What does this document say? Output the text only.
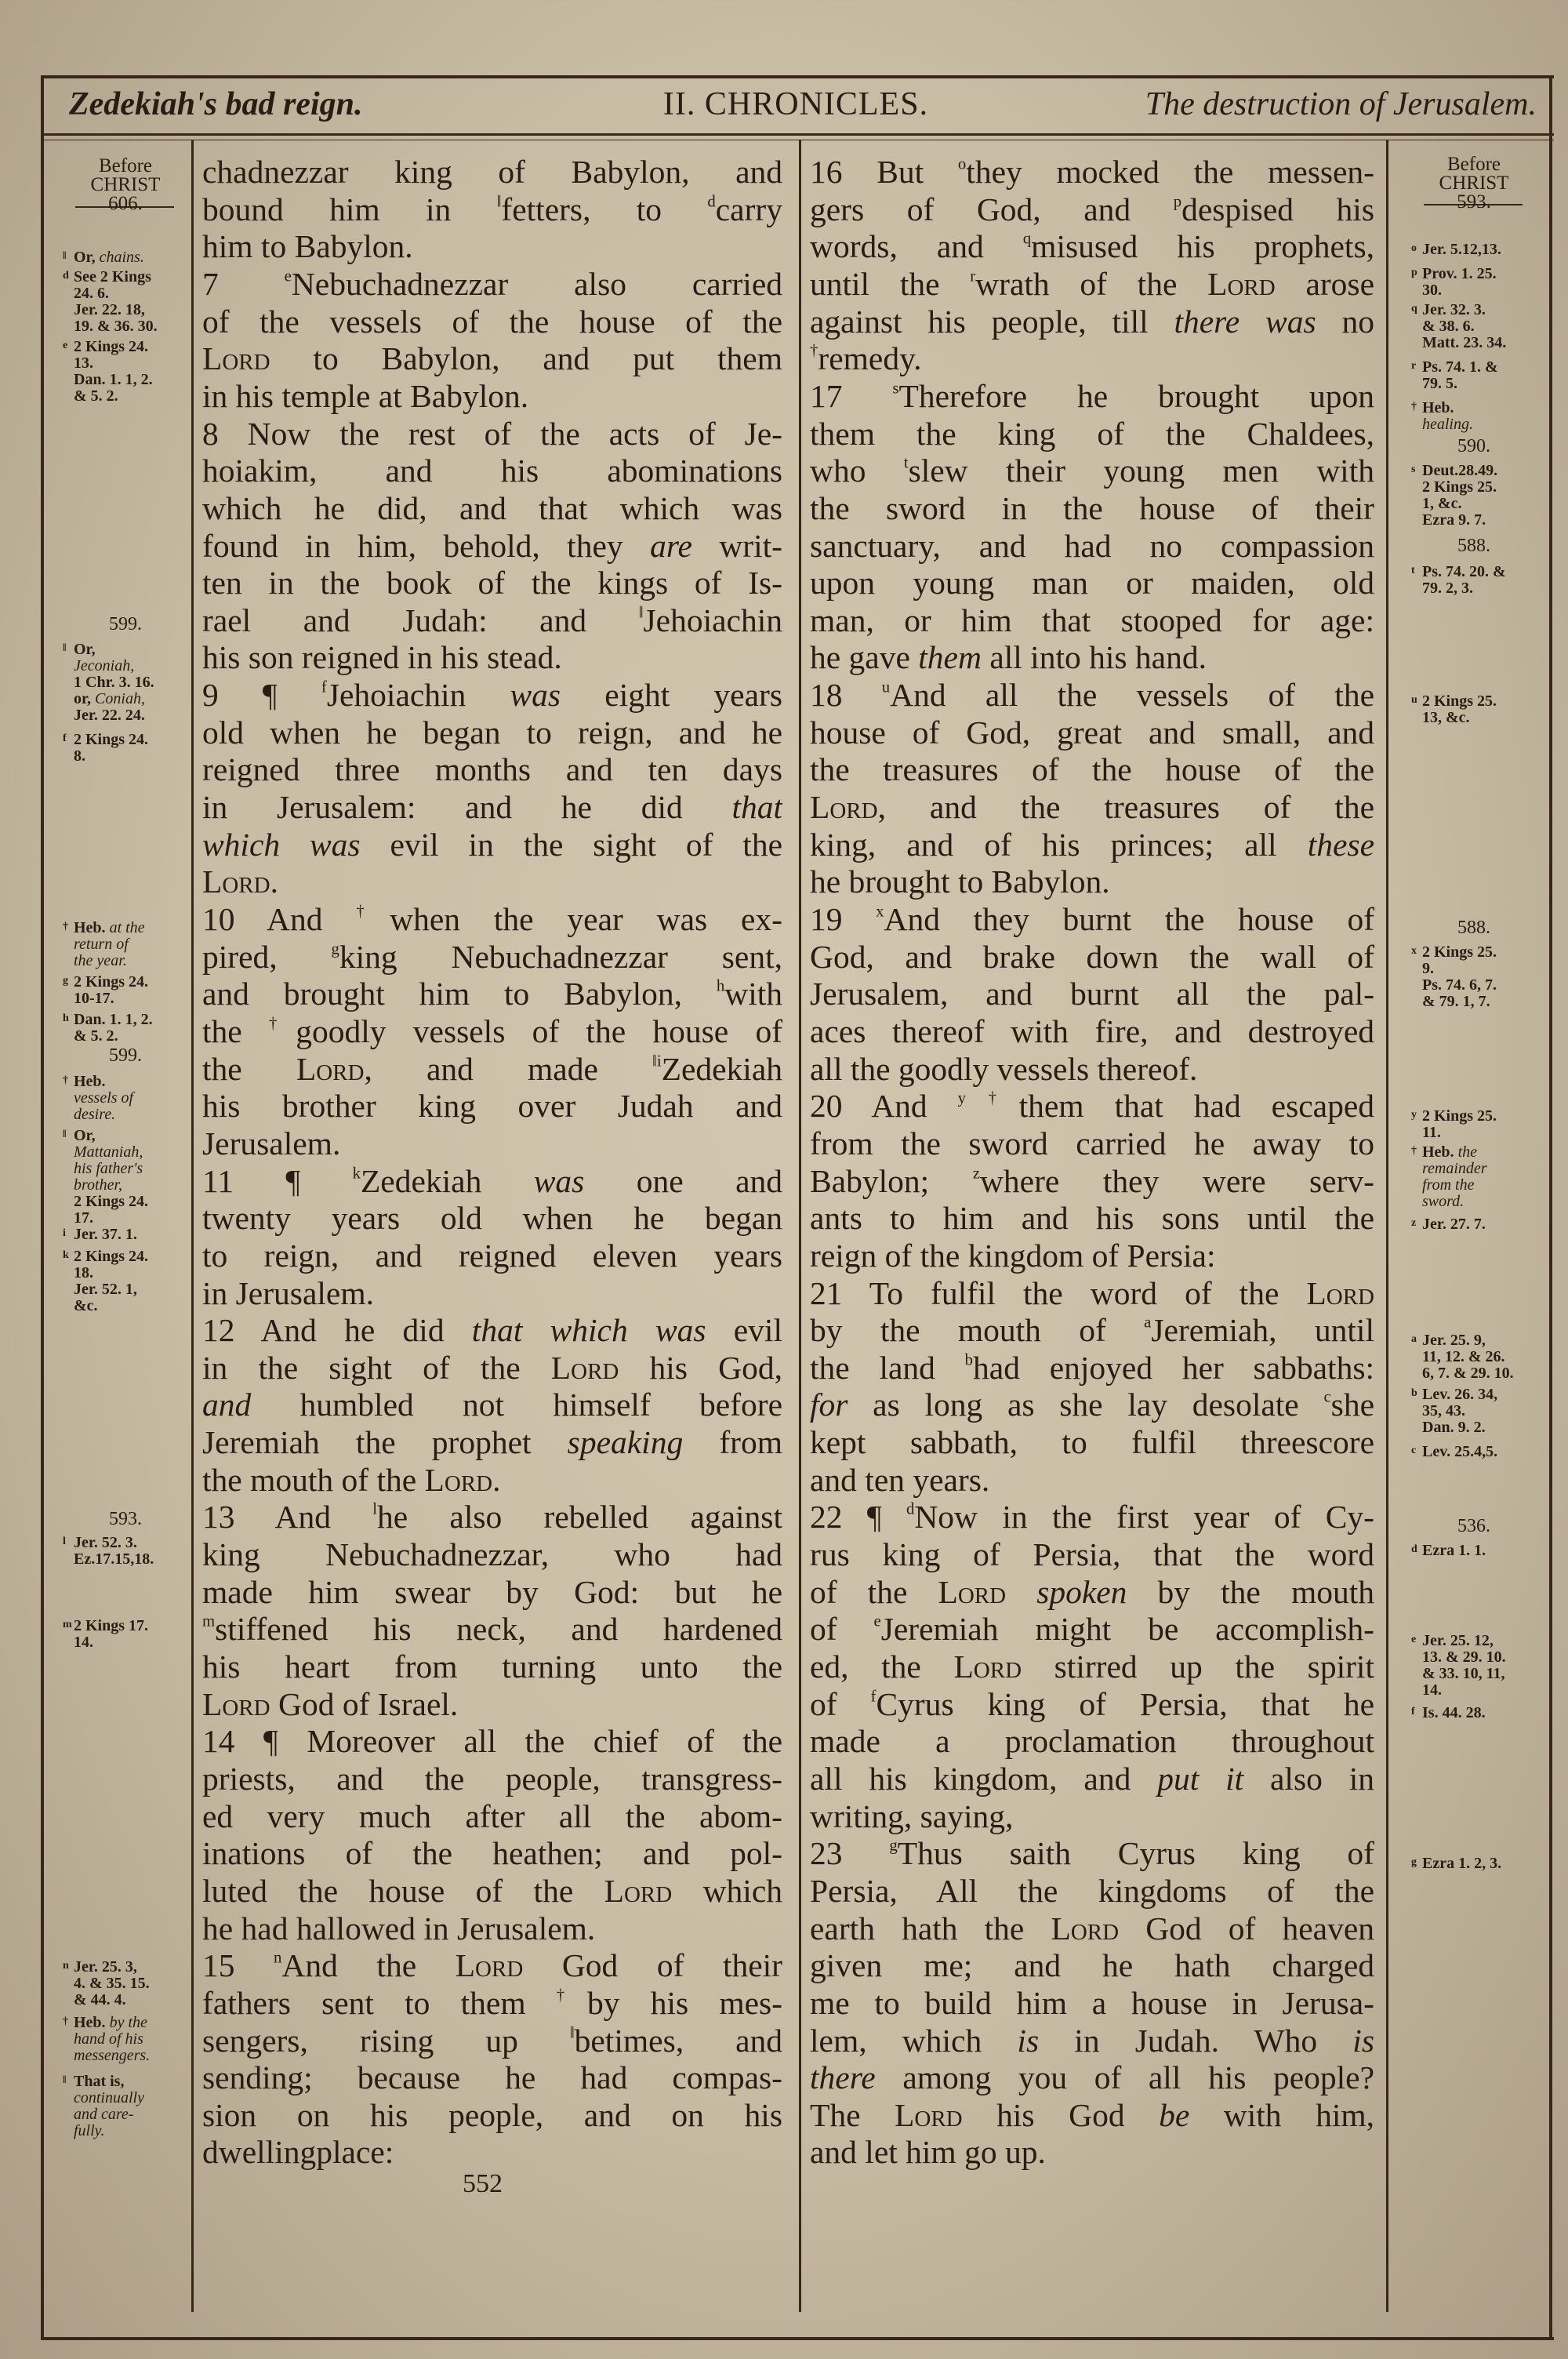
Zedekiah's bad reign.	II. CHRONICLES.	The destruction of Jerusalem.
Before
CHRIST
606.
Before
CHRIST
593.
‖ Or, chains.
d See 2 Kings
24. 6.
Jer. 22. 18,
19. & 36. 30.
e 2 Kings 24.
13.
Dan. 1. 1, 2.
& 5. 2.
‖ Or,
Jeconiah,
1 Chr. 3. 16.
or, Coniah,
Jer. 22. 24.
f 2 Kings 24.
8.
† Heb. at the
return of
the year.
g 2 Kings 24.
10-17.
h Dan. 1. 1, 2.
& 5. 2.
† Heb.
vessels of
desire.
‖ Or,
Mattaniah,
his father's
brother,
2 Kings 24.
17.
i Jer. 37. 1.
k 2 Kings 24.
18.
Jer. 52. 1,
&c.
l Jer. 52. 3.
Ez.17.15,18.
m 2 Kings 17.
14.
n Jer. 25. 3,
4. & 35. 15.
& 44. 4.
† Heb. by the
hand of his
messengers.
‖ That is,
continually
and care-
fully.
599.
599.
593.
o Jer. 5.12,13.
p Prov. 1. 25.
30.
q Jer. 32. 3.
& 38. 6.
Matt. 23. 34.
r Ps. 74. 1. &
79. 5.
† Heb.
healing.
s Deut.28.49.
2 Kings 25.
1, &c.
Ezra 9. 7.
t Ps. 74. 20. &
79. 2, 3.
u 2 Kings 25.
13, &c.
x 2 Kings 25.
9.
Ps. 74. 6, 7.
& 79. 1, 7.
y 2 Kings 25.
11.
† Heb. the
remainder
from the
sword.
z Jer. 27. 7.
a Jer. 25. 9,
11, 12. & 26.
6, 7. & 29. 10.
b Lev. 26. 34,
35, 43.
Dan. 9. 2.
c Lev. 25.4,5.
d Ezra 1. 1.
e Jer. 25. 12,
13. & 29. 10.
& 33. 10, 11,
14.
f Is. 44. 28.
g Ezra 1. 2, 3.
590.
588.
588.
536.
chadnezzar king of Babylon, and
bound him in ‖fetters, to $^d$carry
him to Babylon.
7 $^e$Nebuchadnezzar also carried
of the vessels of the house of the
Lord to Babylon, and put them
in his temple at Babylon.
8 Now the rest of the acts of Je-
hoiakim, and his abominations
which he did, and that which was
found in him, behold, they are writ-
ten in the book of the kings of Is-
rael and Judah: and ‖Jehoiachin
his son reigned in his stead.
9 ¶ $^f$Jehoiachin was eight years
old when he began to reign, and he
reigned three months and ten days
in Jerusalem: and he did that
which was evil in the sight of the
Lord.
10 And †when the year was ex-
pired, $^g$king Nebuchadnezzar sent,
and brought him to Babylon, $^h$with
the †goodly vessels of the house of
the Lord, and made $^{‖i}$Zedekiah
his brother king over Judah and
Jerusalem.
11 ¶ $^k$Zedekiah was one and
twenty years old when he began
to reign, and reigned eleven years
in Jerusalem.
12 And he did that which was evil
in the sight of the Lord his God,
and humbled not himself before
Jeremiah the prophet speaking from
the mouth of the Lord.
13 And $^l$he also rebelled against
king Nebuchadnezzar, who had
made him swear by God: but he
$^m$stiffened his neck, and hardened
his heart from turning unto the
Lord God of Israel.
14 ¶ Moreover all the chief of the
priests, and the people, transgress-
ed very much after all the abom-
inations of the heathen; and pol-
luted the house of the Lord which
he had hallowed in Jerusalem.
15 $^n$And the Lord God of their
fathers sent to them †by his mes-
sengers, rising up ‖betimes, and
sending; because he had compas-
sion on his people, and on his
dwellingplace:
16 But $^o$they mocked the messen-
gers of God, and $^p$despised his
words, and $^q$misused his prophets,
until the $^r$wrath of the Lord arose
against his people, till there was no
†remedy.
17 $^s$Therefore he brought upon
them the king of the Chaldees,
who $^t$slew their young men with
the sword in the house of their
sanctuary, and had no compassion
upon young man or maiden, old
man, or him that stooped for age:
he gave them all into his hand.
18 $^u$And all the vessels of the
house of God, great and small, and
the treasures of the house of the
Lord, and the treasures of the
king, and of his princes; all these
he brought to Babylon.
19 $^x$And they burnt the house of
God, and brake down the wall of
Jerusalem, and burnt all the pal-
aces thereof with fire, and destroyed
all the goodly vessels thereof.
20 And $^{y\dagger}$them that had escaped
from the sword carried he away to
Babylon; $^z$where they were serv-
ants to him and his sons until the
reign of the kingdom of Persia:
21 To fulfil the word of the Lord
by the mouth of $^a$Jeremiah, until
the land $^b$had enjoyed her sabbaths:
for as long as she lay desolate $^c$she
kept sabbath, to fulfil threescore
and ten years.
22 ¶ $^d$Now in the first year of Cy-
rus king of Persia, that the word
of the Lord spoken by the mouth
of $^e$Jeremiah might be accomplish-
ed, the Lord stirred up the spirit
of $^f$Cyrus king of Persia, that he
made a proclamation throughout
all his kingdom, and put it also in
writing, saying,
23 $^g$Thus saith Cyrus king of
Persia, All the kingdoms of the
earth hath the Lord God of heaven
given me; and he hath charged
me to build him a house in Jerusa-
lem, which is in Judah. Who is
there among you of all his people?
The Lord his God be with him,
and let him go up.
552
